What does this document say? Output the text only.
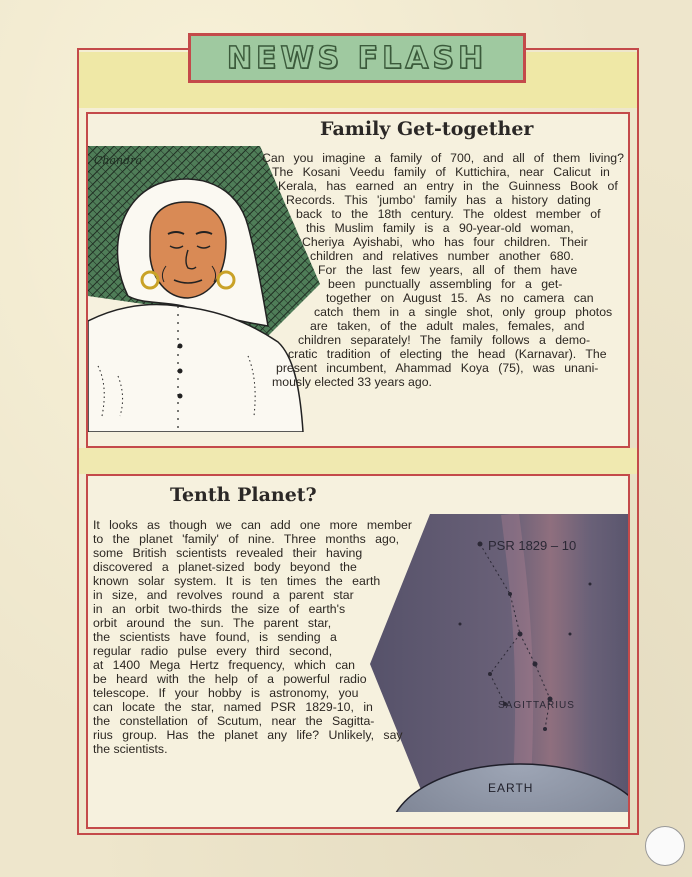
NEWS FLASH
Family Get-together
Chandra	Can you imagine a family of 700, and all of them living?
The Kosani Veedu family of Kuttichira, near Calicut in
Kerala, has earned an entry in the Guinness Book of
Records. This 'jumbo' family has a history dating
back to the 18th century. The oldest member of
this Muslim family is a 90-year-old woman,
Cheriya Ayishabi, who has four children. Their
children and relatives number another 680.
For the last few years, all of them have
been punctually assembling for a get-
together on August 15. As no camera can
catch them in a single shot, only group photos
are taken, of the adult males, females, and
children separately! The family follows a demo-
cratic tradition of electing the head (Karnavar). The
present incumbent, Ahammad Koya (75), was unani-
mously elected 33 years ago.
Tenth Planet?
PSR 1829 – 10
SAGITTARIUS
EARTH
It looks as though we can add one more member
to the planet 'family' of nine. Three months ago,
some British scientists revealed their having
discovered a planet-sized body beyond the
known solar system. It is ten times the earth
in size, and revolves round a parent star
in an orbit two-thirds the size of earth's
orbit around the sun. The parent star,
the scientists have found, is sending a
regular radio pulse every third second,
at 1400 Mega Hertz frequency, which can
be heard with the help of a powerful radio
telescope. If your hobby is astronomy, you
can locate the star, named PSR 1829-10, in
the constellation of Scutum, near the Sagitta-
rius group. Has the planet any life? Unlikely, say
the scientists.
